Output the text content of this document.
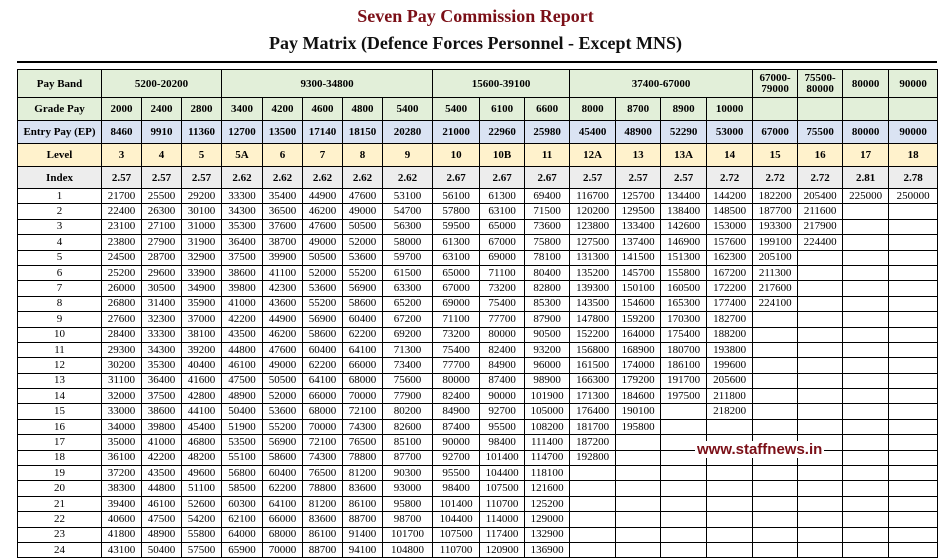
Seven Pay Commission Report
Pay Matrix (Defence Forces Personnel - Except MNS)
Pay Band	5200-20200			9300-34800					15600-39100			37400-67000				67000-79000	75500-80000	80000	90000
Grade Pay	2000	2400	2800	3400	4200	4600	4800	5400	5400	6100	6600	8000	8700	8900	10000				
Entry Pay (EP)	8460	9910	11360	12700	13500	17140	18150	20280	21000	22960	25980	45400	48900	52290	53000	67000	75500	80000	90000
Level	3	4	5	5A	6	7	8	9	10	10B	11	12A	13	13A	14	15	16	17	18
Index	2.57	2.57	2.57	2.62	2.62	2.62	2.62	2.62	2.67	2.67	2.67	2.57	2.57	2.57	2.72	2.72	2.72	2.81	2.78
1	21700	25500	29200	33300	35400	44900	47600	53100	56100	61300	69400	116700	125700	134400	144200	182200	205400	225000	250000
2	22400	26300	30100	34300	36500	46200	49000	54700	57800	63100	71500	120200	129500	138400	148500	187700	211600		
3	23100	27100	31000	35300	37600	47600	50500	56300	59500	65000	73600	123800	133400	142600	153000	193300	217900		
4	23800	27900	31900	36400	38700	49000	52000	58000	61300	67000	75800	127500	137400	146900	157600	199100	224400		
5	24500	28700	32900	37500	39900	50500	53600	59700	63100	69000	78100	131300	141500	151300	162300	205100			
6	25200	29600	33900	38600	41100	52000	55200	61500	65000	71100	80400	135200	145700	155800	167200	211300			
7	26000	30500	34900	39800	42300	53600	56900	63300	67000	73200	82800	139300	150100	160500	172200	217600			
8	26800	31400	35900	41000	43600	55200	58600	65200	69000	75400	85300	143500	154600	165300	177400	224100			
9	27600	32300	37000	42200	44900	56900	60400	67200	71100	77700	87900	147800	159200	170300	182700				
10	28400	33300	38100	43500	46200	58600	62200	69200	73200	80000	90500	152200	164000	175400	188200				
11	29300	34300	39200	44800	47600	60400	64100	71300	75400	82400	93200	156800	168900	180700	193800				
12	30200	35300	40400	46100	49000	62200	66000	73400	77700	84900	96000	161500	174000	186100	199600				
13	31100	36400	41600	47500	50500	64100	68000	75600	80000	87400	98900	166300	179200	191700	205600				
14	32000	37500	42800	48900	52000	66000	70000	77900	82400	90000	101900	171300	184600	197500	211800				
15	33000	38600	44100	50400	53600	68000	72100	80200	84900	92700	105000	176400	190100		218200				
16	34000	39800	45400	51900	55200	70000	74300	82600	87400	95500	108200	181700	195800						
17	35000	41000	46800	53500	56900	72100	76500	85100	90000	98400	111400	187200							
18	36100	42200	48200	55100	58600	74300	78800	87700	92700	101400	114700	192800							
19	37200	43500	49600	56800	60400	76500	81200	90300	95500	104400	118100								
20	38300	44800	51100	58500	62200	78800	83600	93000	98400	107500	121600								
21	39400	46100	52600	60300	64100	81200	86100	95800	101400	110700	125200								
22	40600	47500	54200	62100	66000	83600	88700	98700	104400	114000	129000								
23	41800	48900	55800	64000	68000	86100	91400	101700	107500	117400	132900								
24	43100	50400	57500	65900	70000	88700	94100	104800	110700	120900	136900								
www.staffnews.in
